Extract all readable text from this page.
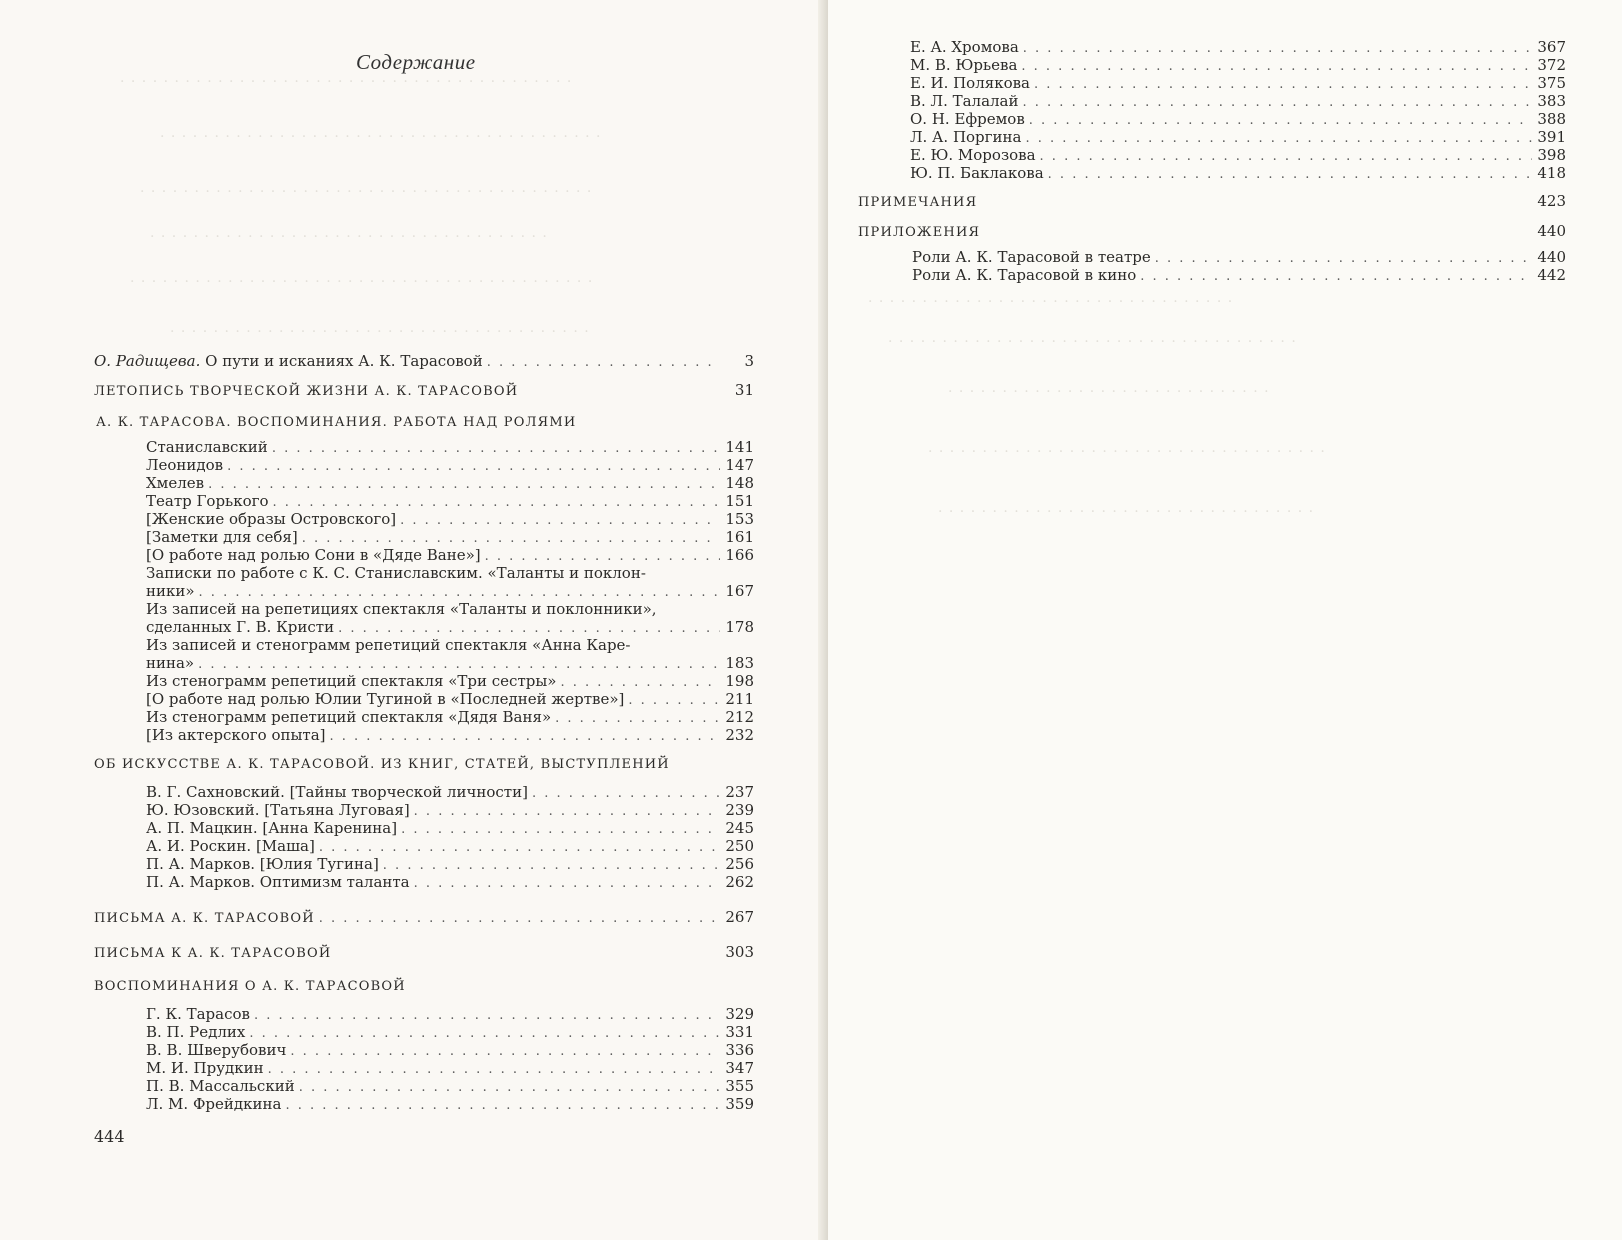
. . . . . . . . . . . . . . . . . . . . . . . . . . . . . . . . . . . . . . . . . .
. . . . . . . . . . . . . . . . . . . . . . . . . . . . . . . . . . . . . . . . .
. . . . . . . . . . . . . . . . . . . . . . . . . . . . . . . . . . . . . . . . . .
. . . . . . . . . . . . . . . . . . . . . . . . . . . . . . . . . . . . .
. . . . . . . . . . . . . . . . . . . . . . . . . . . . . . . . . . . . . . . . . . .
. . . . . . . . . . . . . . . . . . . . . . . . . . . . . . . . . . . . . . .
Содержание
О. Радищева. О пути и исканиях А. К. Тарасовой . . .	3
ЛЕТОПИСЬ ТВОРЧЕСКОЙ ЖИЗНИ А. К. ТАРАСОВОЙ	31
А. К. ТАРАСОВА. ВОСПОМИНАНИЯ. РАБОТА НАД РОЛЯМИ
Станиславский . . .	141
Леонидов . . .	147
Хмелев . . .	148
Театр Горького . . .	151
[Женские образы Островского] . . .	153
[Заметки для себя] . . .	161
[О работе над ролью Сони в «Дяде Ване»] . . .	166
Записки по работе с К. С. Станиславским. «Таланты и поклон-
ники» . . .	167
Из записей на репетициях спектакля «Таланты и поклонники»,
сделанных Г. В. Кристи . . .	178
Из записей и стенограмм репетиций спектакля «Анна Каре-
нина» . . .	183
Из стенограмм репетиций спектакля «Три сестры» . . .	198
[О работе над ролью Юлии Тугиной в «Последней жертве»] . . .	211
Из стенограмм репетиций спектакля «Дядя Ваня» . . .	212
[Из актерского опыта] . . .	232
ОБ ИСКУССТВЕ А. К. ТАРАСОВОЙ. ИЗ КНИГ, СТАТЕЙ, ВЫСТУПЛЕНИЙ
В. Г. Сахновский. [Тайны творческой личности] . . .	237
Ю. Юзовский. [Татьяна Луговая] . . .	239
А. П. Мацкин. [Анна Каренина] . . .	245
А. И. Роскин. [Маша] . . .	250
П. А. Марков. [Юлия Тугина] . . .	256
П. А. Марков. Оптимизм таланта . . .	262
ПИСЬМА А. К. ТАРАСОВОЙ . . .	267
ПИСЬМА К А. К. ТАРАСОВОЙ	303
ВОСПОМИНАНИЯ О А. К. ТАРАСОВОЙ
Г. К. Тарасов . . .	329
В. П. Редлих . . .	331
В. В. Шверубович . . .	336
М. И. Прудкин . . .	347
П. В. Массальский . . .	355
Л. М. Фрейдкина . . .	359
444
. . . . . . . . . . . . . . . . . . . . . . . . . . . . . . . . . .
. . . . . . . . . . . . . . . . . . . . . . . . . . . . . . . . . . . . . .
. . . . . . . . . . . . . . . . . . . . . . . . . . . . . .
. . . . . . . . . . . . . . . . . . . . . . . . . . . . . . . . . . . . .
. . . . . . . . . . . . . . . . . . . . . . . . . . . . . . . . . . .
Е. А. Хромова . . .	367
М. В. Юрьева . . .	372
Е. И. Полякова . . .	375
В. Л. Талалай . . .	383
О. Н. Ефремов . . .	388
Л. А. Поргина . . .	391
Е. Ю. Морозова . . .	398
Ю. П. Баклакова . . .	418
ПРИМЕЧАНИЯ	423
ПРИЛОЖЕНИЯ	440
Роли А. К. Тарасовой в театре . . .	440
Роли А. К. Тарасовой в кино . . .	442
